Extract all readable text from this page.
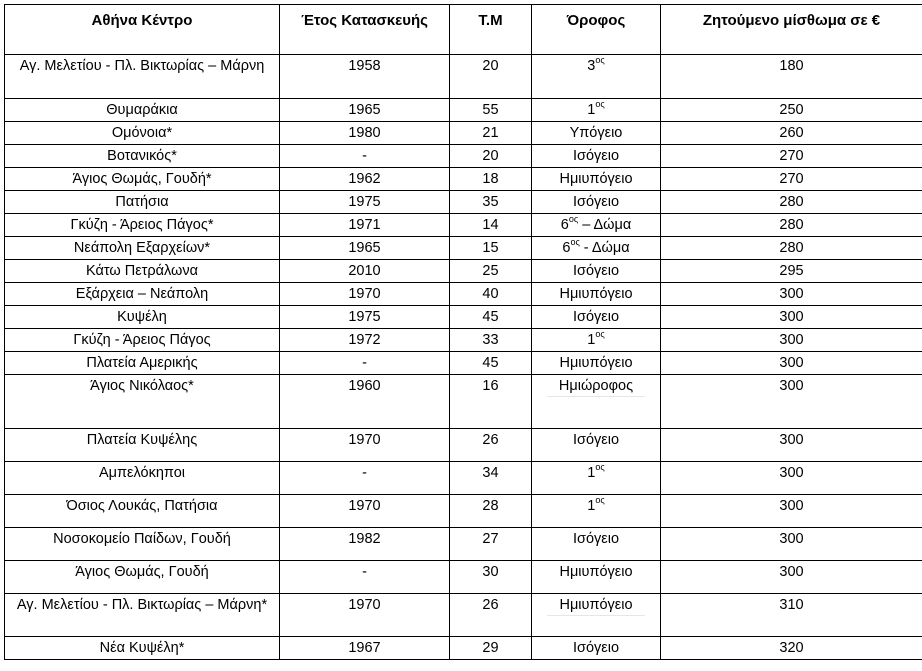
Αθήνα Κέντρο	Έτος Κατασκευής	Τ.Μ	Όροφος	Ζητούμενο μίσθωμα σε €
Αγ. Μελετίου - Πλ. Βικτωρίας – Μάρνη	1958	20	$3^{o\varsigma}$	180
Θυμαράκια	1965	55	$1^{o\varsigma}$	250
Ομόνοια*	1980	21	Υπόγειο	260
Βοτανικός*	-	20	Ισόγειο	270
Άγιος Θωμάς, Γουδή*	1962	18	Ημιυπόγειο	270
Πατήσια	1975	35	Ισόγειο	280
Γκύζη - Άρειος Πάγος*	1971	14	$6^{o\varsigma}$ – Δώμα	280
Νεάπολη Εξαρχείων*	1965	15	$6^{o\varsigma}$ - Δώμα	280
Κάτω Πετράλωνα	2010	25	Ισόγειο	295
Εξάρχεια – Νεάπολη	1970	40	Ημιυπόγειο	300
Κυψέλη	1975	45	Ισόγειο	300
Γκύζη - Άρειος Πάγος	1972	33	$1^{o\varsigma}$	300
Πλατεία Αμερικής	-	45	Ημιυπόγειο	300
Άγιος Νικόλαος*	1960	16	Ημιώροφος	300
Πλατεία Κυψέλης	1970	26	Ισόγειο	300
Αμπελόκηποι	-	34	$1^{o\varsigma}$	300
Όσιος Λουκάς, Πατήσια	1970	28	$1^{o\varsigma}$	300
Νοσοκομείο Παίδων, Γουδή	1982	27	Ισόγειο	300
Άγιος Θωμάς, Γουδή	-	30	Ημιυπόγειο	300
Αγ. Μελετίου - Πλ. Βικτωρίας – Μάρνη*	1970	26	Ημιυπόγειο	310
Νέα Κυψέλη*	1967	29	Ισόγειο	320
